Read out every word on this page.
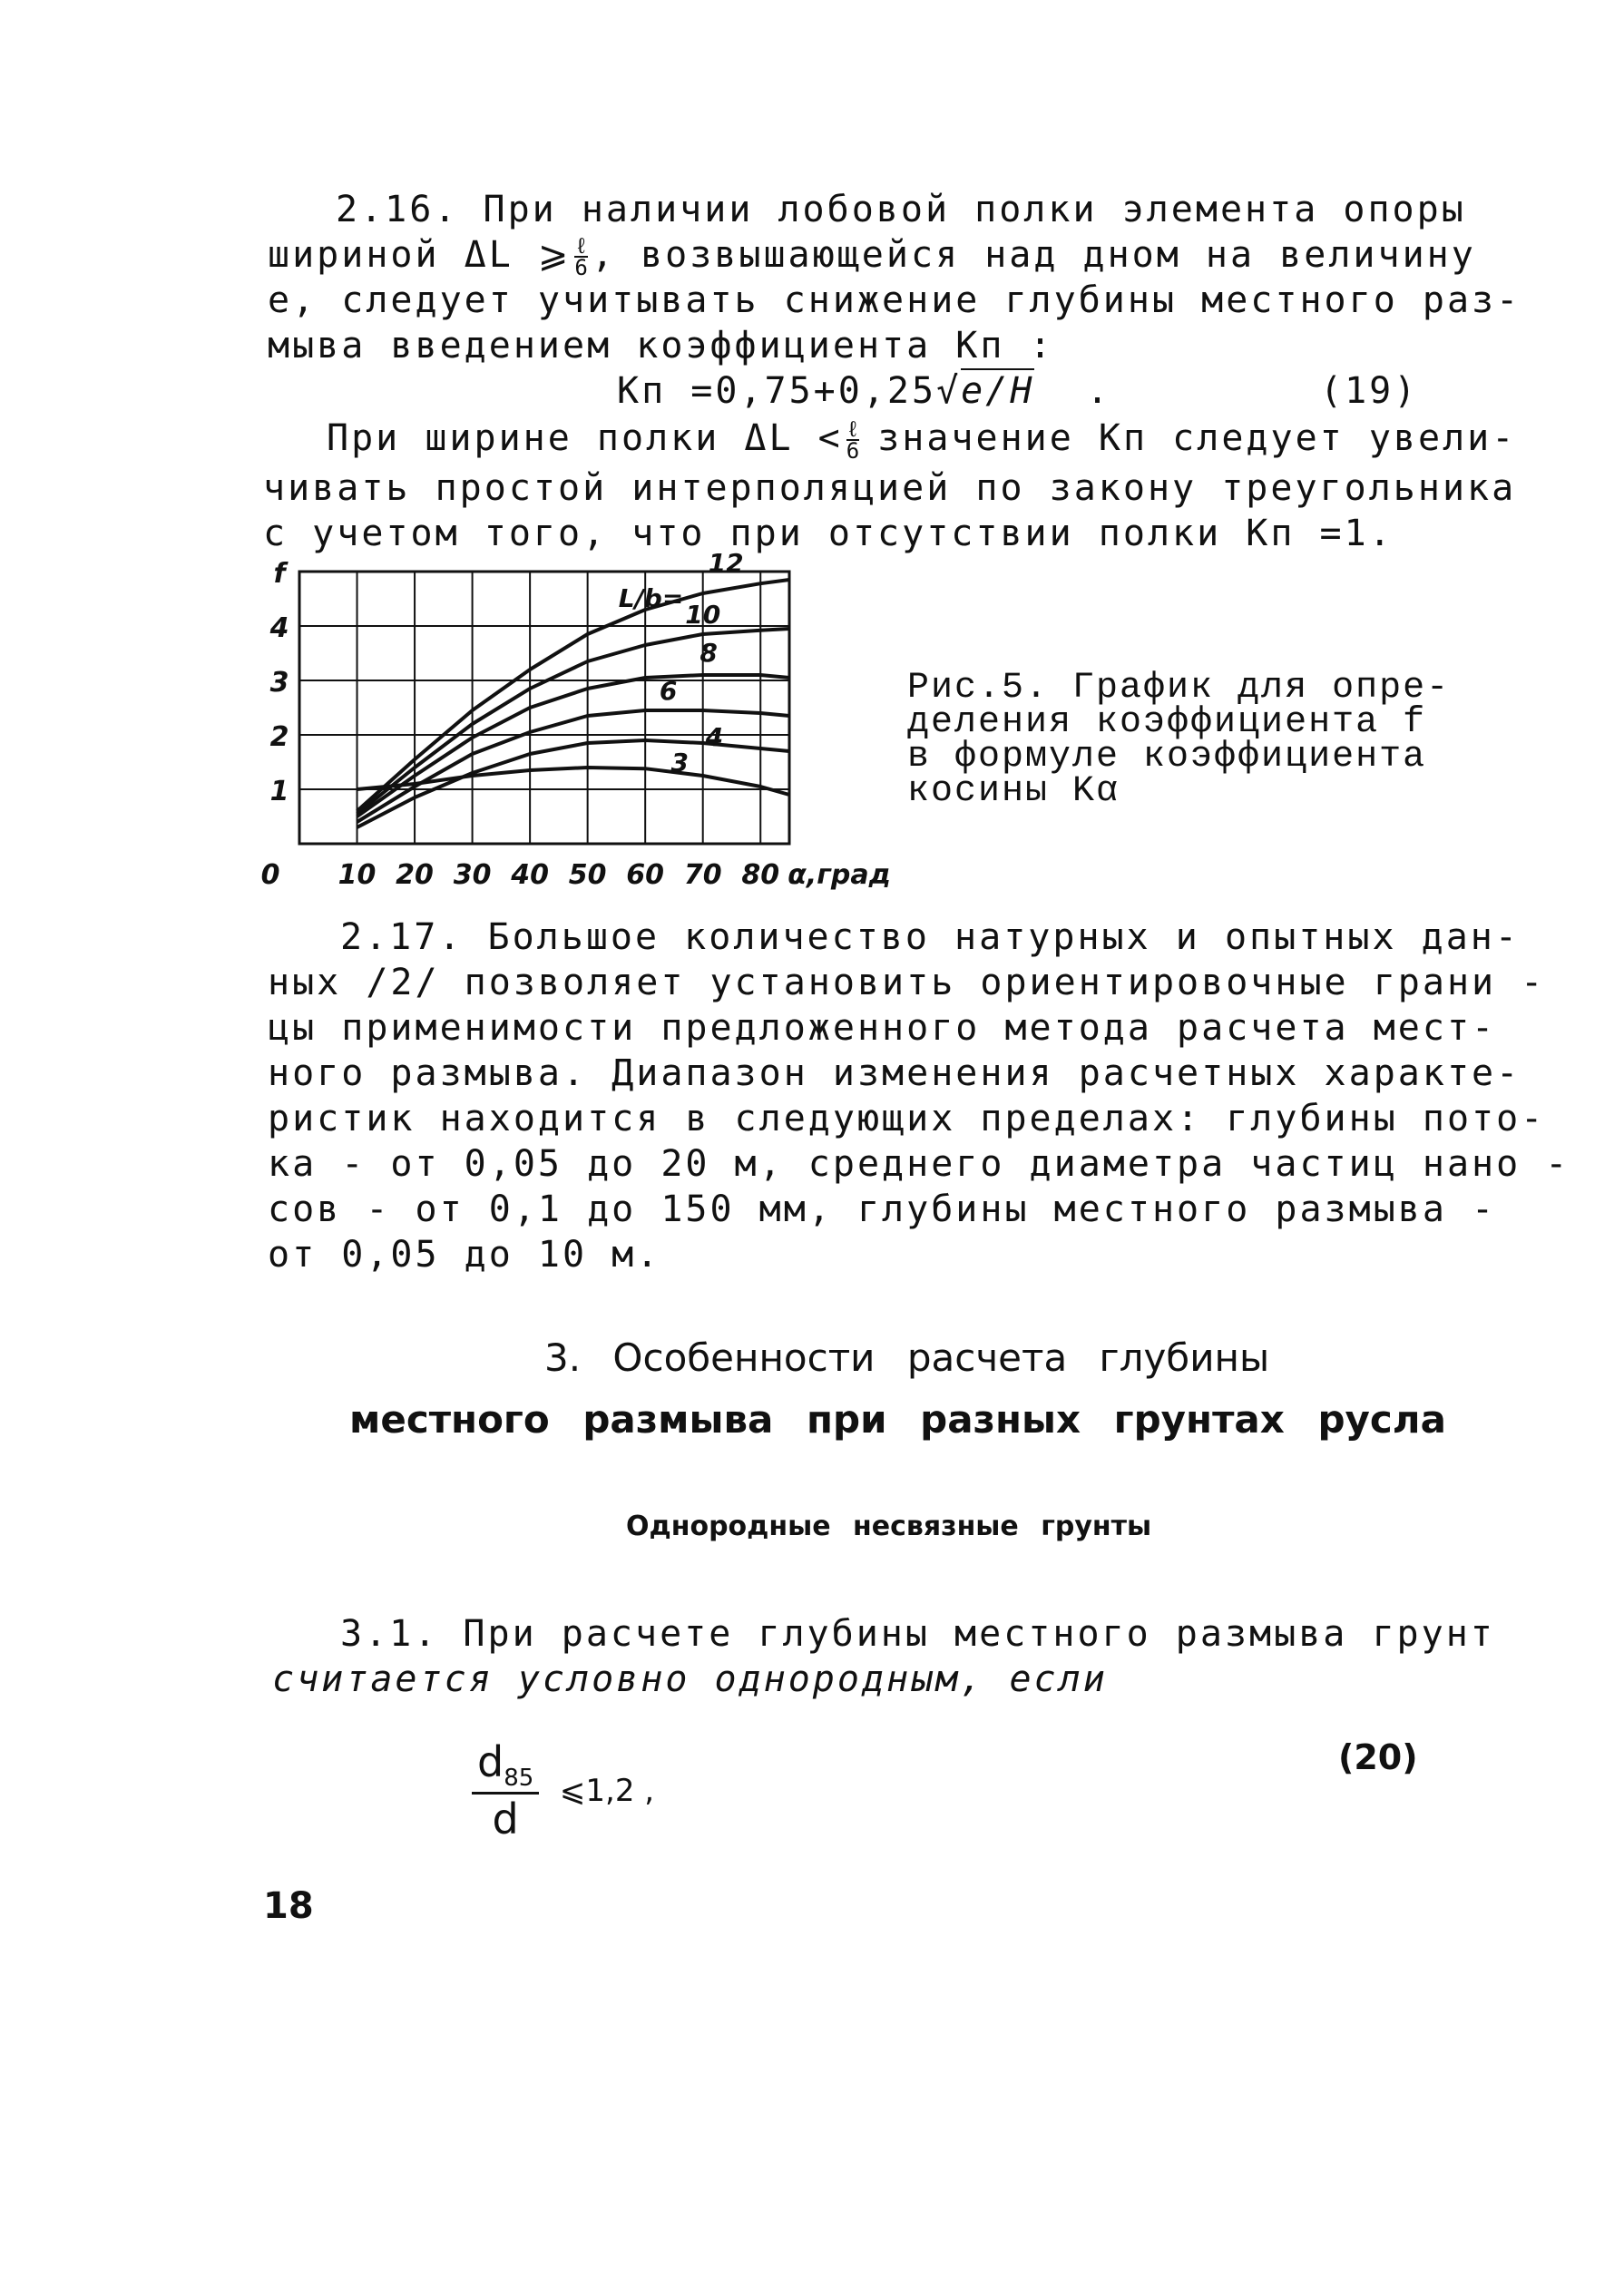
2.16. При наличии лобовой полки элемента опоры
шириной ΔL ⩾ ℓ
6 , возвышающейся над дном на величину
е, следует учитывать снижение глубины местного раз-
мыва введением коэффициента Kп :
Kп =0,75+0,25√е/H .	(19)
При ширине полки ΔL < ℓ
6 значение Kп следует увели-
чивать простой интерполяцией по закону треугольника
с учетом того, что при отсутствии полки Kп =1.
0 10 20 30 40 50 60 70 80 α,град
1
2
3
4
f	12
10
8
6
4
3
L/b=
Рис.5. График для опре-
деления коэффициента f
в формуле коэффициента
косины Kα
2.17. Большое количество натурных и опытных дан-
ных /2/ позволяет установить ориентировочные грани -
цы применимости предложенного метода расчета мест-
ного размыва. Диапазон изменения расчетных характе-
ристик находится в следующих пределах: глубины пото-
ка - от 0,05 до 20 м, среднего диаметра частиц нано -
сов - от 0,1 до 150 мм, глубины местного размыва -
от 0,05 до 10 м.
3. Особенности расчета глубины
местного размыва при разных грунтах русла
Однородные несвязные грунты
3.1. При расчете глубины местного размыва грунт
считается условно однородным, если
$\frac{d_{85}}{d}$ ⩽1,2 ,
(20)
18
